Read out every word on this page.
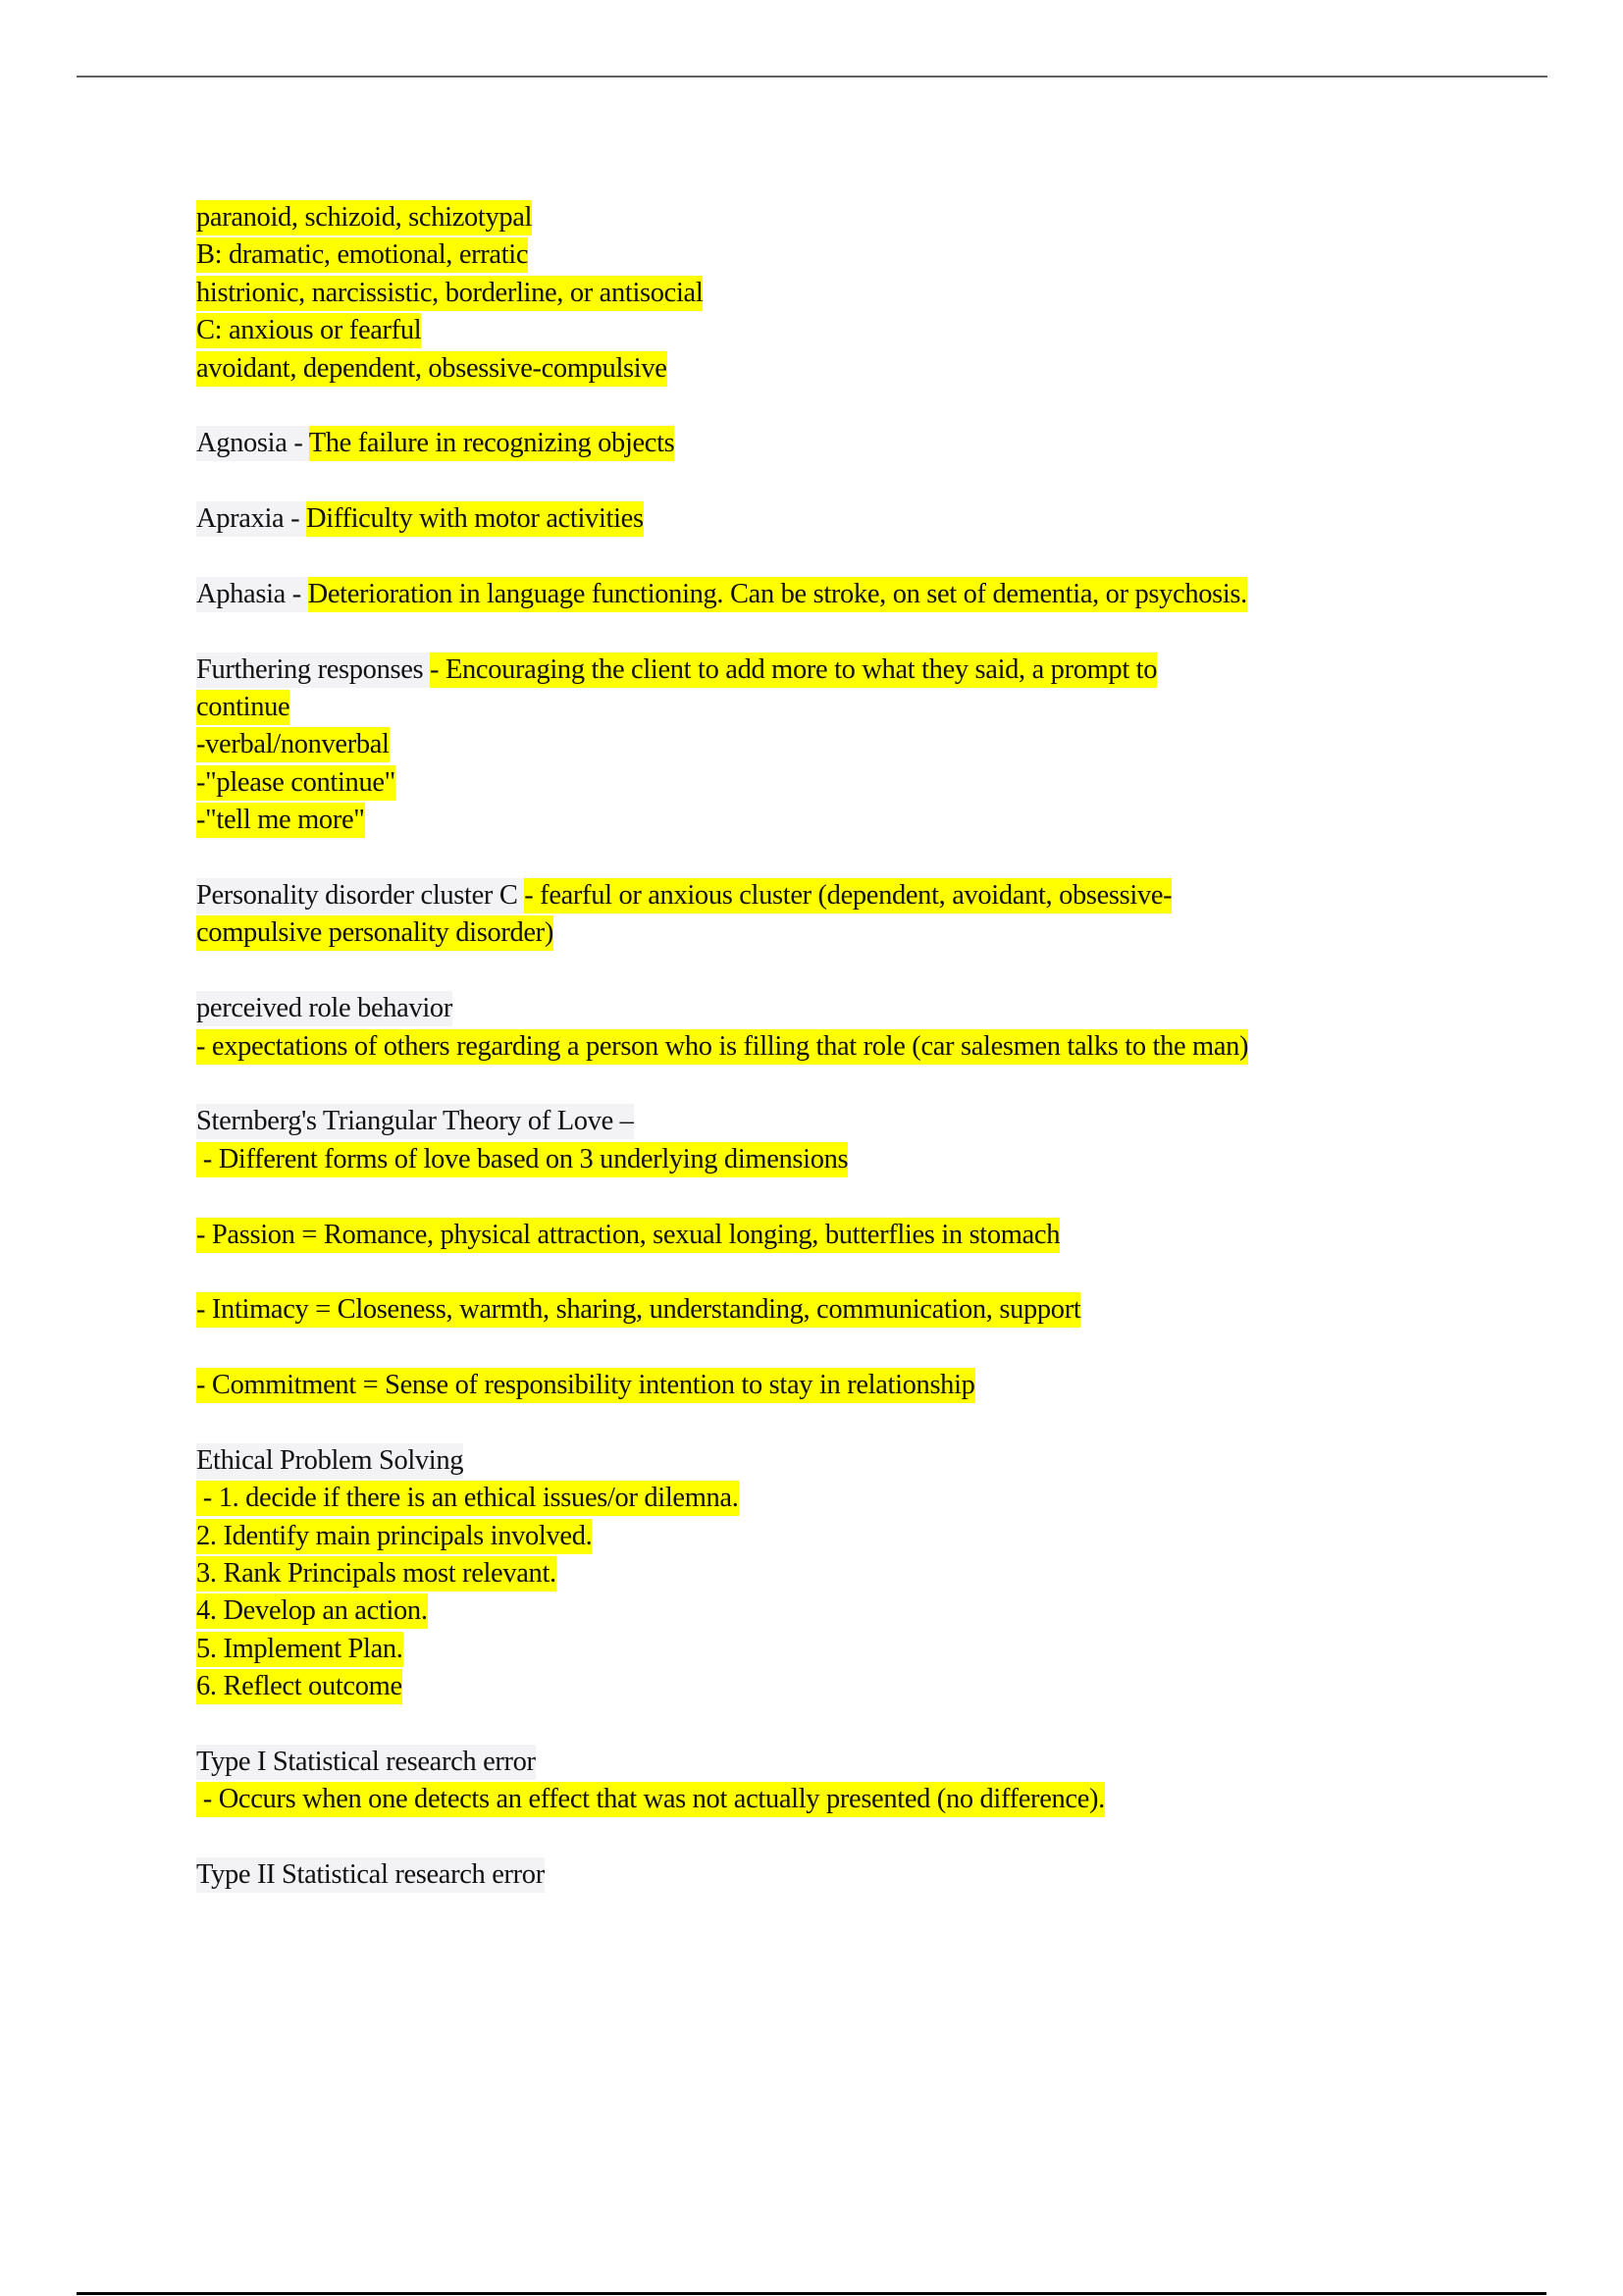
paranoid, schizoid, schizotypal
B: dramatic, emotional, erratic
histrionic, narcissistic, borderline, or antisocial
C: anxious or fearful
avoidant, dependent, obsessive-compulsive
Agnosia - The failure in recognizing objects
Apraxia - Difficulty with motor activities
Aphasia - Deterioration in language functioning. Can be stroke, on set of dementia, or psychosis.
Furthering responses - Encouraging the client to add more to what they said, a prompt to
continue
-verbal/nonverbal
-"please continue"
-"tell me more"
Personality disorder cluster C - fearful or anxious cluster (dependent, avoidant, obsessive-
compulsive personality disorder)
perceived role behavior
- expectations of others regarding a person who is filling that role (car salesmen talks to the man)
Sternberg's Triangular Theory of Love –
- Different forms of love based on 3 underlying dimensions
- Passion = Romance, physical attraction, sexual longing, butterflies in stomach
- Intimacy = Closeness, warmth, sharing, understanding, communication, support
- Commitment = Sense of responsibility intention to stay in relationship
Ethical Problem Solving
- 1. decide if there is an ethical issues/or dilemna.
2. Identify main principals involved.
3. Rank Principals most relevant.
4. Develop an action.
5. Implement Plan.
6. Reflect outcome
Type I Statistical research error
- Occurs when one detects an effect that was not actually presented (no difference).
Type II Statistical research error
